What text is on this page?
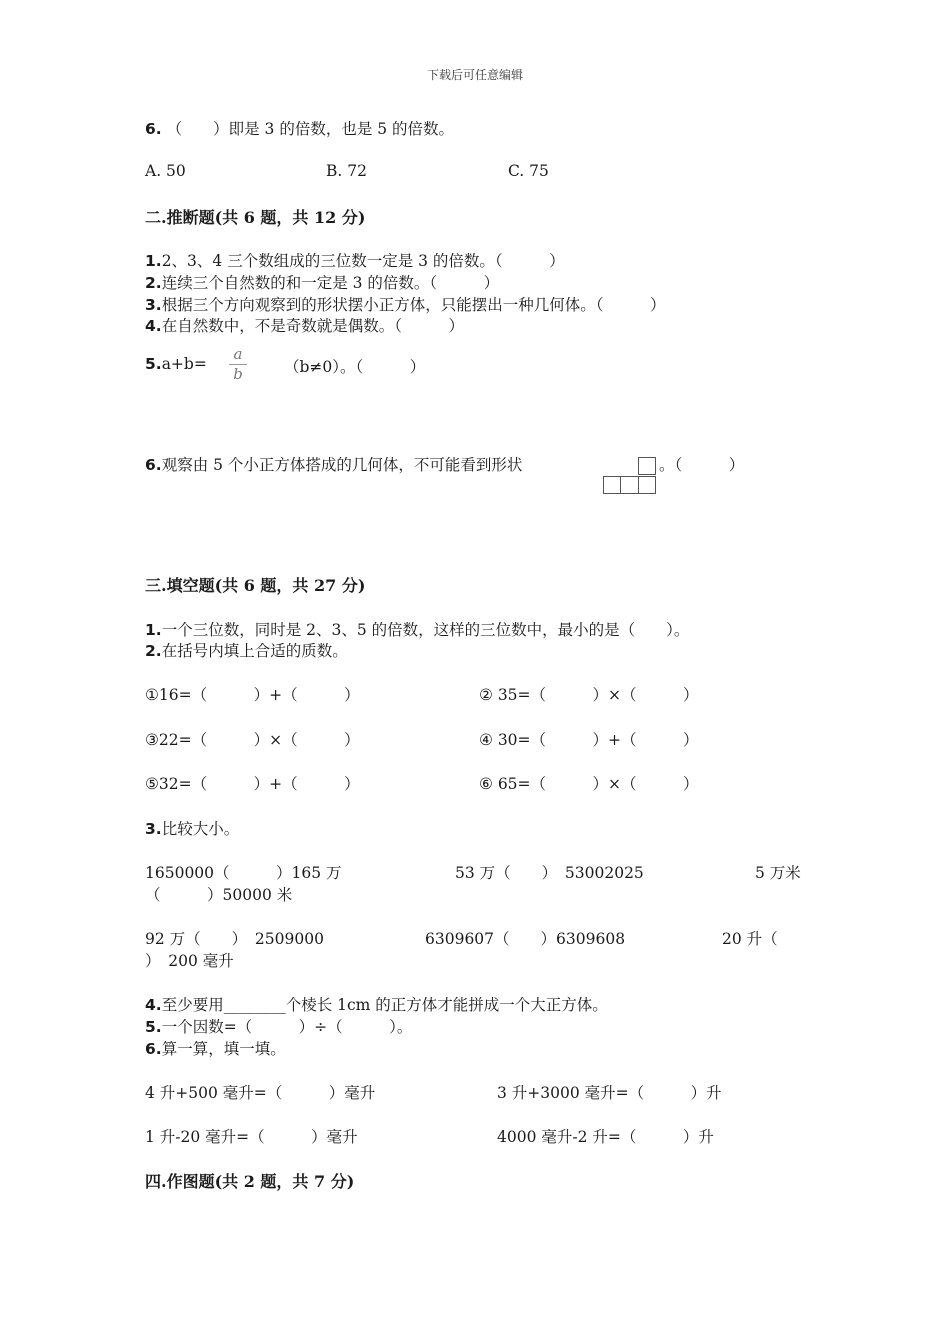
下载后可任意编辑
6. （　　）即是 3 的倍数，也是 5 的倍数。
A. 50	B. 72	C. 75
二.推断题(共 6 题，共 12 分)
1.2、3、4 三个数组成的三位数一定是 3 的倍数。（　　　）
2.连续三个自然数的和一定是 3 的倍数。（　　　）
3.根据三个方向观察到的形状摆小正方体，只能摆出一种几何体。（　　　）
4.在自然数中，不是奇数就是偶数。（　　　）
5.a+b=
a
b	（b≠0）。（　　　）
6.观察由 5 个小正方体搭成的几何体，不可能看到形状	。（　　　）
三.填空题(共 6 题，共 27 分)
1.一个三位数，同时是 2、3、5 的倍数，这样的三位数中，最小的是（　　）。
2.在括号内填上合适的质数。
①16=（　　　）+（　　　）	② 35=（　　　）×（　　　）
③22=（　　　）×（　　　）	④ 30=（　　　）+（　　　）
⑤32=（　　　）+（　　　）	⑥ 65=（　　　）×（　　　）
3.比较大小。
1650000（　　　）165 万	53 万（　　）　53002025	5 万米
（　　　）50000 米
92 万（　　）　2509000	6309607（　　）6309608	20 升（
）　200 毫升
4.至少要用________个棱长 1cm 的正方体才能拼成一个大正方体。
5.一个因数=（　　　）÷（　　　）。
6.算一算，填一填。
4 升+500 毫升=（　　　）毫升	3 升+3000 毫升=（　　　）升
1 升-20 毫升=（　　　）毫升	4000 毫升-2 升=（　　　）升
四.作图题(共 2 题，共 7 分)
